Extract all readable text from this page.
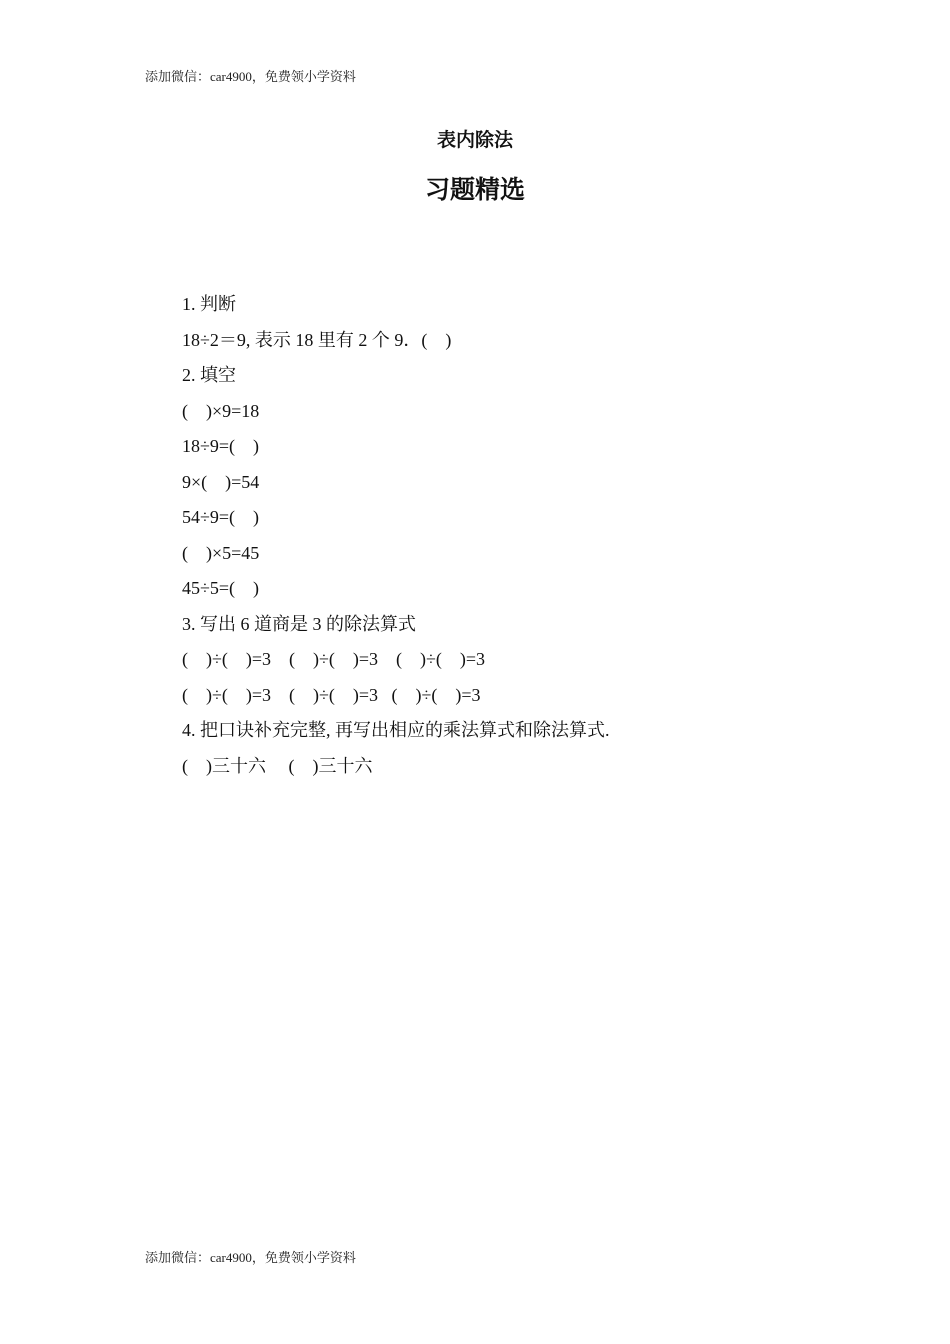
添加微信：car4900，免费领小学资料
表内除法
习题精选
1. 判断
18÷2＝9, 表示 18 里有 2 个 9．(    )
2. 填空
(    )×9=18
18÷9=(    )
9×(    )=54
54÷9=(    )
(    )×5=45
45÷5=(    )
3. 写出 6 道商是 3 的除法算式
(    )÷(    )=3    (    )÷(    )=3    (    )÷(    )=3
(    )÷(    )=3    (    )÷(    )=3   (    )÷(    )=3
4. 把口诀补充完整, 再写出相应的乘法算式和除法算式.
(    )三十六     (    )三十六
添加微信：car4900，免费领小学资料
